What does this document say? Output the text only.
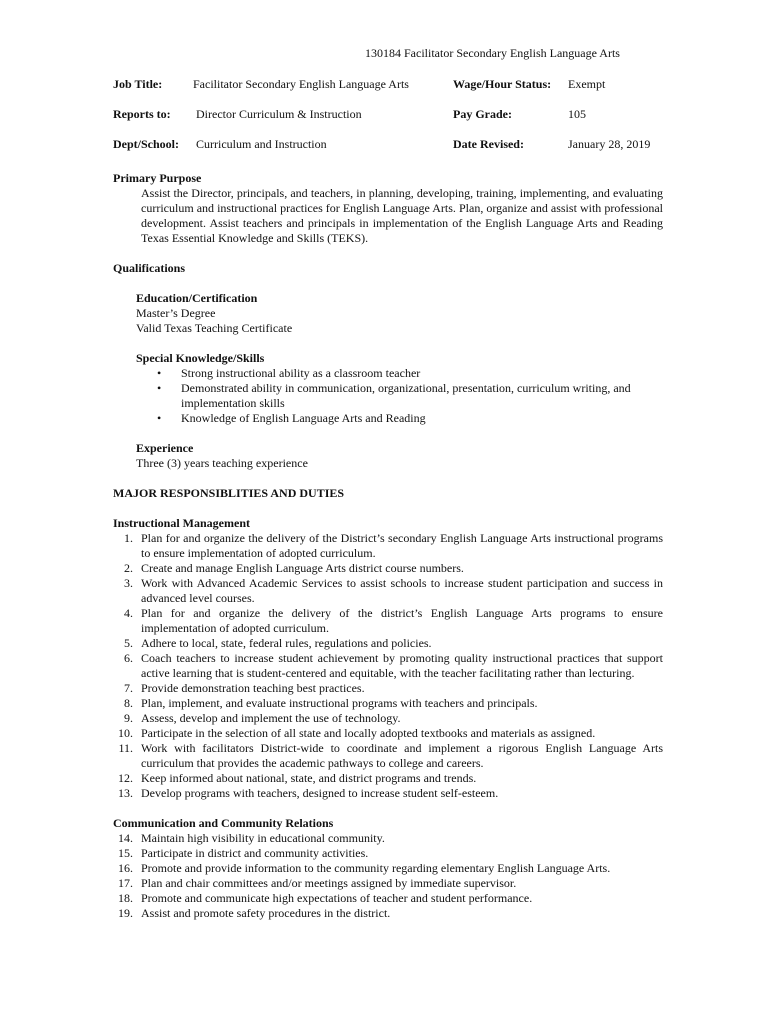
130184 Facilitator Secondary English Language Arts
Job Title:	Facilitator Secondary English Language Arts	Wage/Hour Status: Exempt
Reports to: Director Curriculum & Instruction	Pay Grade:	105
Dept/School: Curriculum and Instruction	Date Revised:	January 28, 2019
Primary Purpose
Assist the Director, principals, and teachers, in planning, developing, training, implementing, and evaluating curriculum and instructional practices for English Language Arts. Plan, organize and assist with professional development. Assist teachers and principals in implementation of the English Language Arts and Reading Texas Essential Knowledge and Skills (TEKS).
Qualifications
Education/Certification
Master’s Degree
Valid Texas Teaching Certificate
Special Knowledge/Skills
• Strong instructional ability as a classroom teacher
• Demonstrated ability in communication, organizational, presentation, curriculum writing, and implementation skills
• Knowledge of English Language Arts and Reading
Experience
Three (3) years teaching experience
MAJOR RESPONSIBLITIES AND DUTIES
Instructional Management
1. Plan for and organize the delivery of the District’s secondary English Language Arts instructional programs to ensure implementation of adopted curriculum.
2. Create and manage English Language Arts district course numbers.
3. Work with Advanced Academic Services to assist schools to increase student participation and success in advanced level courses.
4. Plan for and organize the delivery of the district’s English Language Arts programs to ensure implementation of adopted curriculum.
5. Adhere to local, state, federal rules, regulations and policies.
6. Coach teachers to increase student achievement by promoting quality instructional practices that support active learning that is student-centered and equitable, with the teacher facilitating rather than lecturing.
7. Provide demonstration teaching best practices.
8. Plan, implement, and evaluate instructional programs with teachers and principals.
9. Assess, develop and implement the use of technology.
10. Participate in the selection of all state and locally adopted textbooks and materials as assigned.
11. Work with facilitators District-wide to coordinate and implement a rigorous English Language Arts curriculum that provides the academic pathways to college and careers.
12. Keep informed about national, state, and district programs and trends.
13. Develop programs with teachers, designed to increase student self-esteem.
Communication and Community Relations
14. Maintain high visibility in educational community.
15. Participate in district and community activities.
16. Promote and provide information to the community regarding elementary English Language Arts.
17. Plan and chair committees and/or meetings assigned by immediate supervisor.
18. Promote and communicate high expectations of teacher and student performance.
19. Assist and promote safety procedures in the district.
